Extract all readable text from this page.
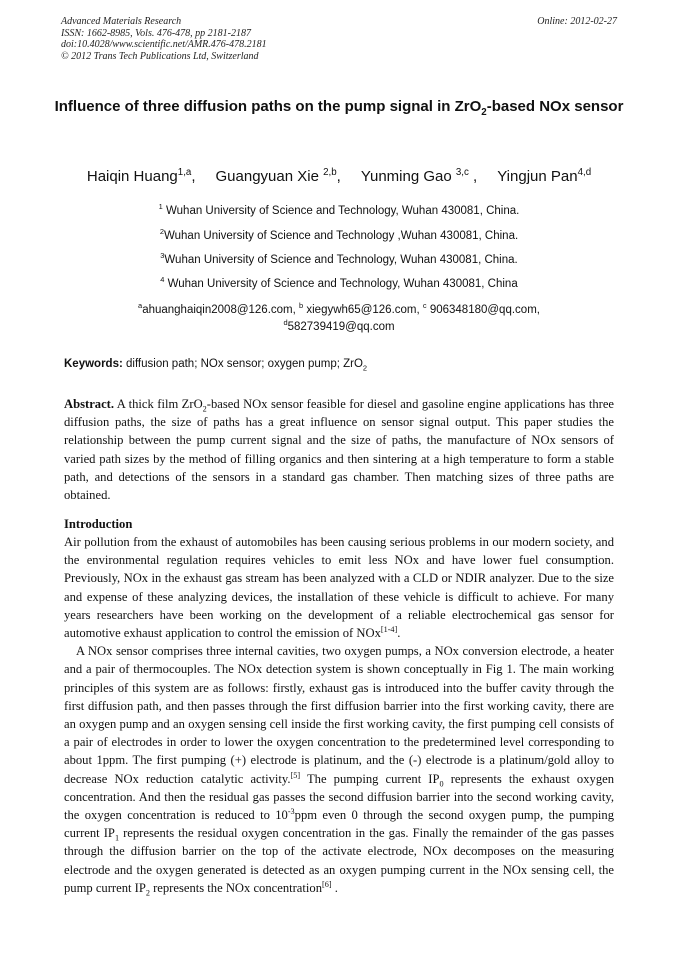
Advanced Materials Research
ISSN: 1662-8985, Vols. 476-478, pp 2181-2187
doi:10.4028/www.scientific.net/AMR.476-478.2181
© 2012 Trans Tech Publications Ltd, Switzerland
Online: 2012-02-27
Influence of three diffusion paths on the pump signal in ZrO$_2$-based NOx sensor
Haiqin Huang$^{1,a}$, Guangyuan Xie $^{2,b}$, Yunming Gao $^{3,c}$ , Yingjun Pan$^{4,d}$
$^1$ Wuhan University of Science and Technology, Wuhan 430081, China.
$^2$Wuhan University of Science and Technology ,Wuhan 430081, China.
$^3$Wuhan University of Science and Technology, Wuhan 430081, China.
$^4$ Wuhan University of Science and Technology, Wuhan 430081, China
$^a$ahuanghaiqin2008@126.com, $^b$ xiegywh65@126.com, $^c$ 906348180@qq.com,
$^d$582739419@qq.com
Keywords: diffusion path; NOx sensor; oxygen pump; ZrO$_2$

Abstract. A thick film ZrO$_2$-based NOx sensor feasible for diesel and gasoline engine applications has three diffusion paths, the size of paths has a great influence on sensor signal output. This paper studies the relationship between the pump current signal and the size of paths, the manufacture of NOx sensors of varied path sizes by the method of filling organics and then sintering at a high temperature to form a stable path, and detections of the sensors in a standard gas chamber. Then matching sizes of three paths are obtained.

Introduction

Air pollution from the exhaust of automobiles has been causing serious problems in our modern society, and the environmental regulation requires vehicles to emit less NOx and have lower fuel consumption. Previously, NOx in the exhaust gas stream has been analyzed with a CLD or NDIR analyzer. Due to the size and expense of these analyzing devices, the installation of these vehicle is difficult to achieve. For many years researchers have been working on the development of a reliable electrochemical gas sensor for automotive exhaust application to control the emission of NOx[1-4].

A NOx sensor comprises three internal cavities, two oxygen pumps, a NOx conversion electrode, a heater and a pair of thermocouples. The NOx detection system is shown conceptually in Fig 1. The main working principles of this system are as follows: firstly, exhaust gas is introduced into the buffer cavity through the first diffusion path, and then passes through the first diffusion barrier into the first working cavity, there are an oxygen pump and an oxygen sensing cell inside the first working cavity, the first pumping cell consists of a pair of electrodes in order to lower the oxygen concentration to the predetermined level corresponding to about 1ppm. The first pumping (+) electrode is platinum, and the (-) electrode is a platinum/gold alloy to decrease NOx reduction catalytic activity.[5] The pumping current $IP_0$ represents the exhaust oxygen concentration. And then the residual gas passes the second diffusion barrier into the second working cavity, the oxygen concentration is reduced to $10^{-3}ppm$ even 0 through the second oxygen pump, the pumping current $IP_1$ represents the residual oxygen concentration in the gas. Finally the remainder of the gas passes through the diffusion barrier on the top of the activate electrode, NOx decomposes on the measuring electrode and the oxygen generated is detected as an oxygen pumping current in the NOx sensing cell, the pump current $IP_2$ represents the NOx concentration[6] .
